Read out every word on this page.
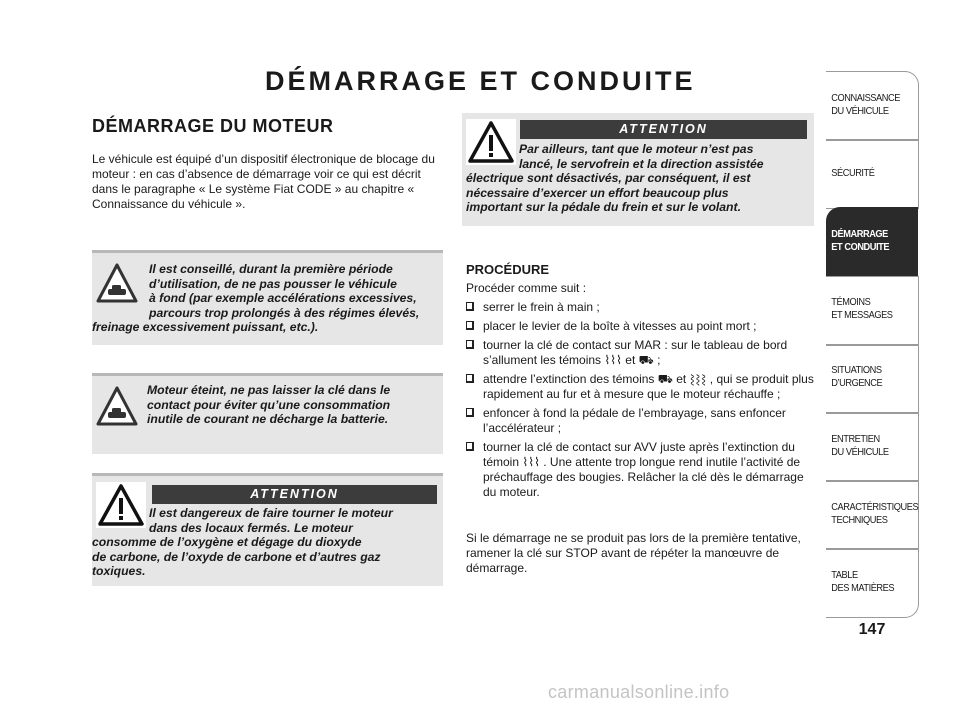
DÉMARRAGE ET CONDUITE
DÉMARRAGE DU MOTEUR

Le véhicule est équipé d’un dispositif électronique de blocage du moteur : en cas d’absence de démarrage voir ce qui est décrit dans le paragraphe « Le système Fiat CODE » au chapitre « Connaissance du véhicule ».

Il est conseillé, durant la première période

d’utilisation, de ne pas pousser le véhicule

à fond (par exemple accélérations excessives,

parcours trop prolongés à des régimes élevés,

freinage excessivement puissant, etc.).

Moteur éteint, ne pas laisser la clé dans le

contact pour éviter qu’une consommation

inutile de courant ne décharge la batterie.

ATTENTION

Il est dangereux de faire tourner le moteur

dans des locaux fermés. Le moteur

consomme de l’oxygène et dégage du dioxyde

de carbone, de l’oxyde de carbone et d’autres gaz

toxiques.

ATTENTION

Par ailleurs, tant que le moteur n’est pas

lancé, le servofrein et la direction assistée

électrique sont désactivés, par conséquent, il est

nécessaire d’exercer un effort beaucoup plus

important sur la pédale du frein et sur le volant.

PROCÉDURE

Procéder comme suit :

serrer le frein à main ;
placer le levier de la boîte à vitesses au point mort ;
tourner la clé de contact sur MAR : sur le tableau de bord s’allument les témoins ⌇⌇⌇ et ⛟ ;
attendre l’extinction des témoins ⛟ et ⌇⌇⌇ , qui se produit plus rapidement au fur et à mesure que le moteur réchauffe ;
enfoncer à fond la pédale de l’embrayage, sans enfoncer l’accélérateur ;
tourner la clé de contact sur AVV juste après l’extinction du témoin ⌇⌇⌇ . Une attente trop longue rend inutile l’activité de préchauffage des bougies. Relâcher la clé dès le démarrage du moteur.

Si le démarrage ne se produit pas lors de la première tentative, ramener la clé sur STOP avant de répéter la manœuvre de démarrage.

CONNAISSANCE
DU VÉHICULE
SÉCURITÉ
DÉMARRAGE
ET CONDUITE
TÉMOINS
ET MESSAGES
SITUATIONS
D’URGENCE
ENTRETIEN
DU VÉHICULE
CARACTÉRISTIQUES
TECHNIQUES
TABLE
DES MATIÈRES

147

carmanualsonline.info
